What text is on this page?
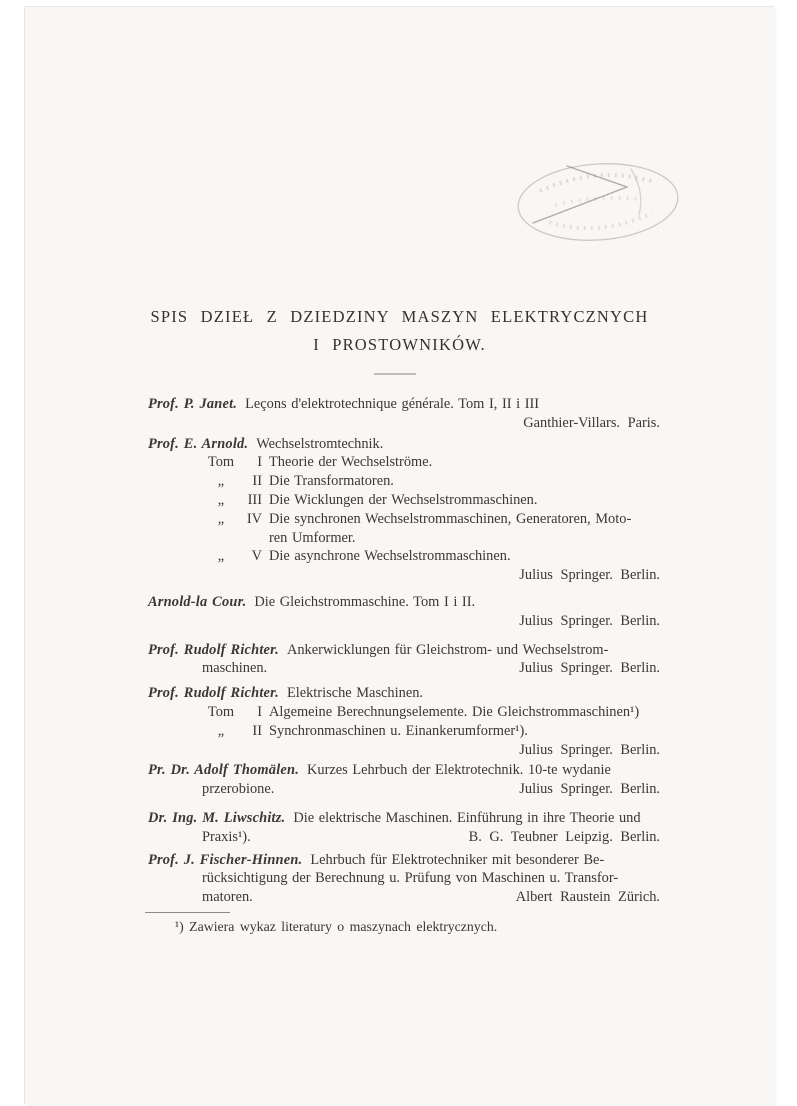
SPIS DZIEŁ Z DZIEDZINY MASZYN ELEKTRYCZNYCH
I PROSTOWNIKÓW.

Prof. P. Janet. Leçons d'elektrotechnique générale. Tom I, II i III

Ganthier-Villars. Paris.

Prof. E. Arnold. Wechselstromtechnik.

Tom	I Theorie der Wechselströme.

„	II Die Transformatoren.

„	III Die Wicklungen der Wechselstrommaschinen.

„	IV Die synchronen Wechselstrommaschinen, Generatoren, Moto-

ren Umformer.

„	V Die asynchrone Wechselstrommaschinen.

Julius Springer. Berlin.

Arnold-la Cour. Die Gleichstrommaschine. Tom I i II.

Julius Springer. Berlin.

Prof. Rudolf Richter. Ankerwicklungen für Gleichstrom- und Wechselstrom-

maschinen.	Julius Springer. Berlin.

Prof. Rudolf Richter. Elektrische Maschinen.

Tom	I Algemeine Berechnungselemente. Die Gleichstrommaschinen¹)

„	II Synchronmaschinen u. Einankerumformer¹).

Julius Springer. Berlin.

Pr. Dr. Adolf Thomälen. Kurzes Lehrbuch der Elektrotechnik. 10-te wydanie

przerobione.	Julius Springer. Berlin.

Dr. Ing. M. Liwschitz. Die elektrische Maschinen. Einführung in ihre Theorie und

Praxis¹).	B. G. Teubner Leipzig. Berlin.

Prof. J. Fischer-Hinnen. Lehrbuch für Elektrotechniker mit besonderer Be-

rücksichtigung der Berechnung u. Prüfung von Maschinen u. Transfor-

matoren.	Albert Raustein Zürich.

¹) Zawiera wykaz literatury o maszynach elektrycznych.
